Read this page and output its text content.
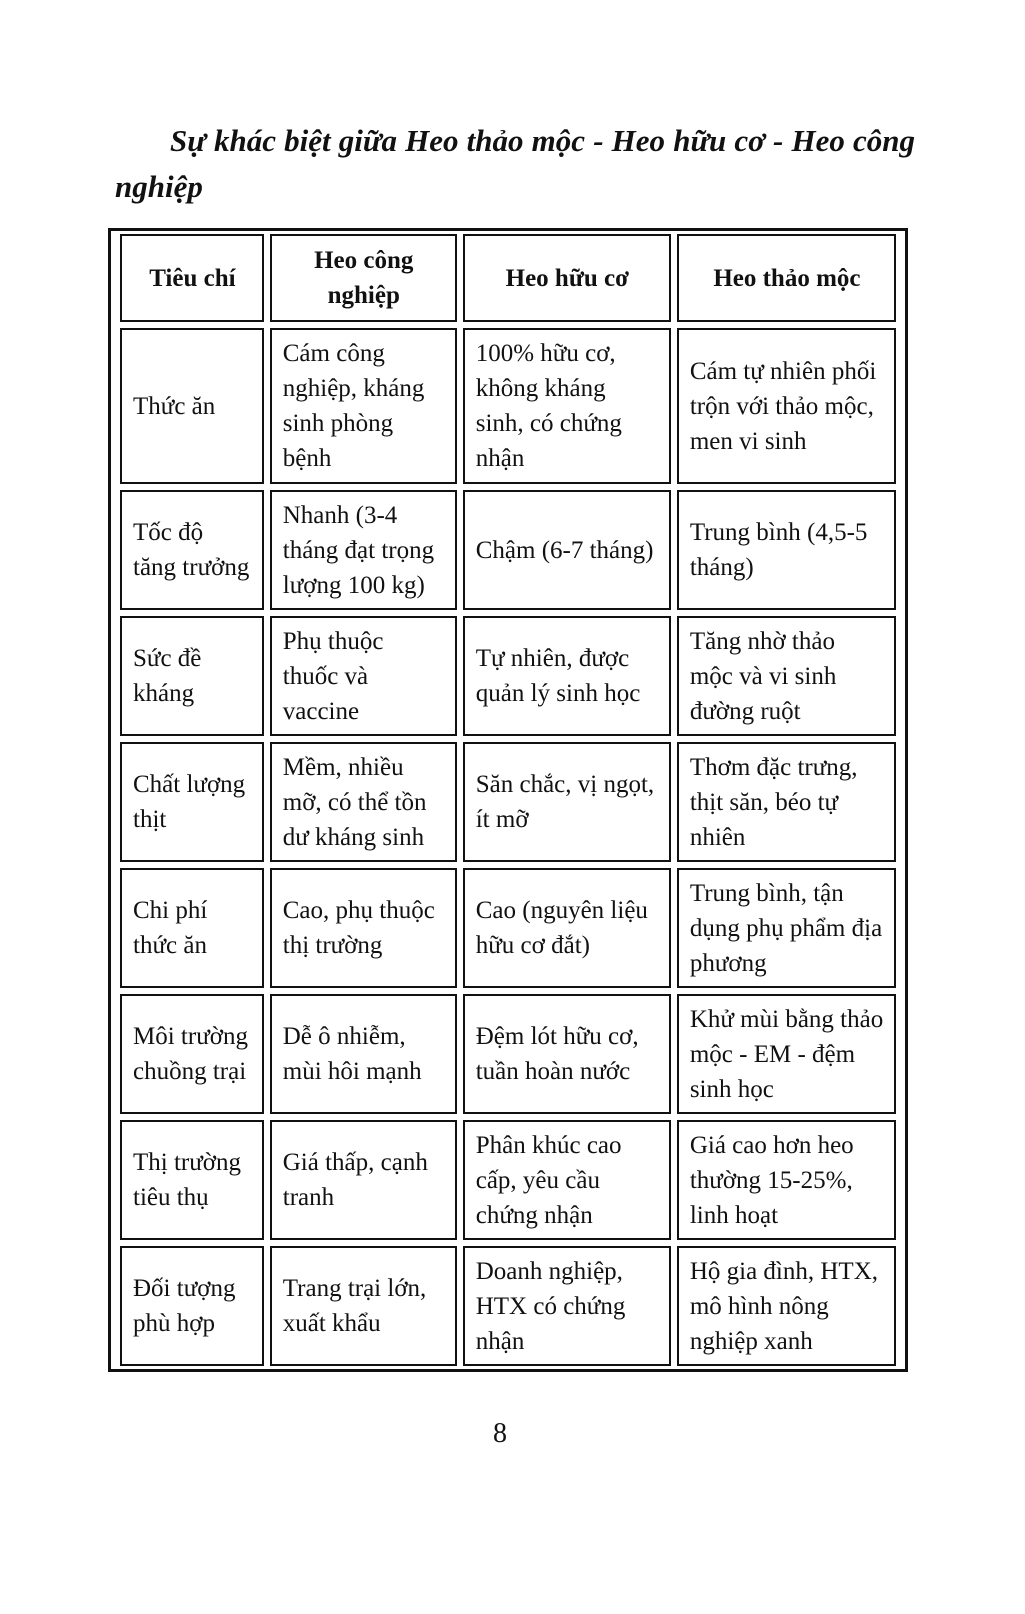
Sự khác biệt giữa Heo thảo mộc - Heo hữu cơ - Heo công nghiệp

Tiêu chí	Heo công nghiệp	Heo hữu cơ	Heo thảo mộc
Thức ăn	Cám công nghiệp, kháng sinh phòng bệnh	100% hữu cơ, không kháng sinh, có chứng nhận	Cám tự nhiên phối trộn với thảo mộc, men vi sinh
Tốc độ tăng trưởng	Nhanh (3-4 tháng đạt trọng lượng 100 kg)	Chậm (6-7 tháng)	Trung bình (4,5-5 tháng)
Sức đề kháng	Phụ thuộc thuốc và vaccine	Tự nhiên, được quản lý sinh học	Tăng nhờ thảo mộc và vi sinh đường ruột
Chất lượng thịt	Mềm, nhiều mỡ, có thể tồn dư kháng sinh	Săn chắc, vị ngọt, ít mỡ	Thơm đặc trưng, thịt săn, béo tự nhiên
Chi phí thức ăn	Cao, phụ thuộc thị trường	Cao (nguyên liệu hữu cơ đắt)	Trung bình, tận dụng phụ phẩm địa phương
Môi trường chuồng trại	Dễ ô nhiễm, mùi hôi mạnh	Đệm lót hữu cơ, tuần hoàn nước	Khử mùi bằng thảo mộc - EM - đệm sinh học
Thị trường tiêu thụ	Giá thấp, cạnh tranh	Phân khúc cao cấp, yêu cầu chứng nhận	Giá cao hơn heo thường 15-25%, linh hoạt
Đối tượng phù hợp	Trang trại lớn, xuất khẩu	Doanh nghiệp, HTX có chứng nhận	Hộ gia đình, HTX, mô hình nông nghiệp xanh
8
